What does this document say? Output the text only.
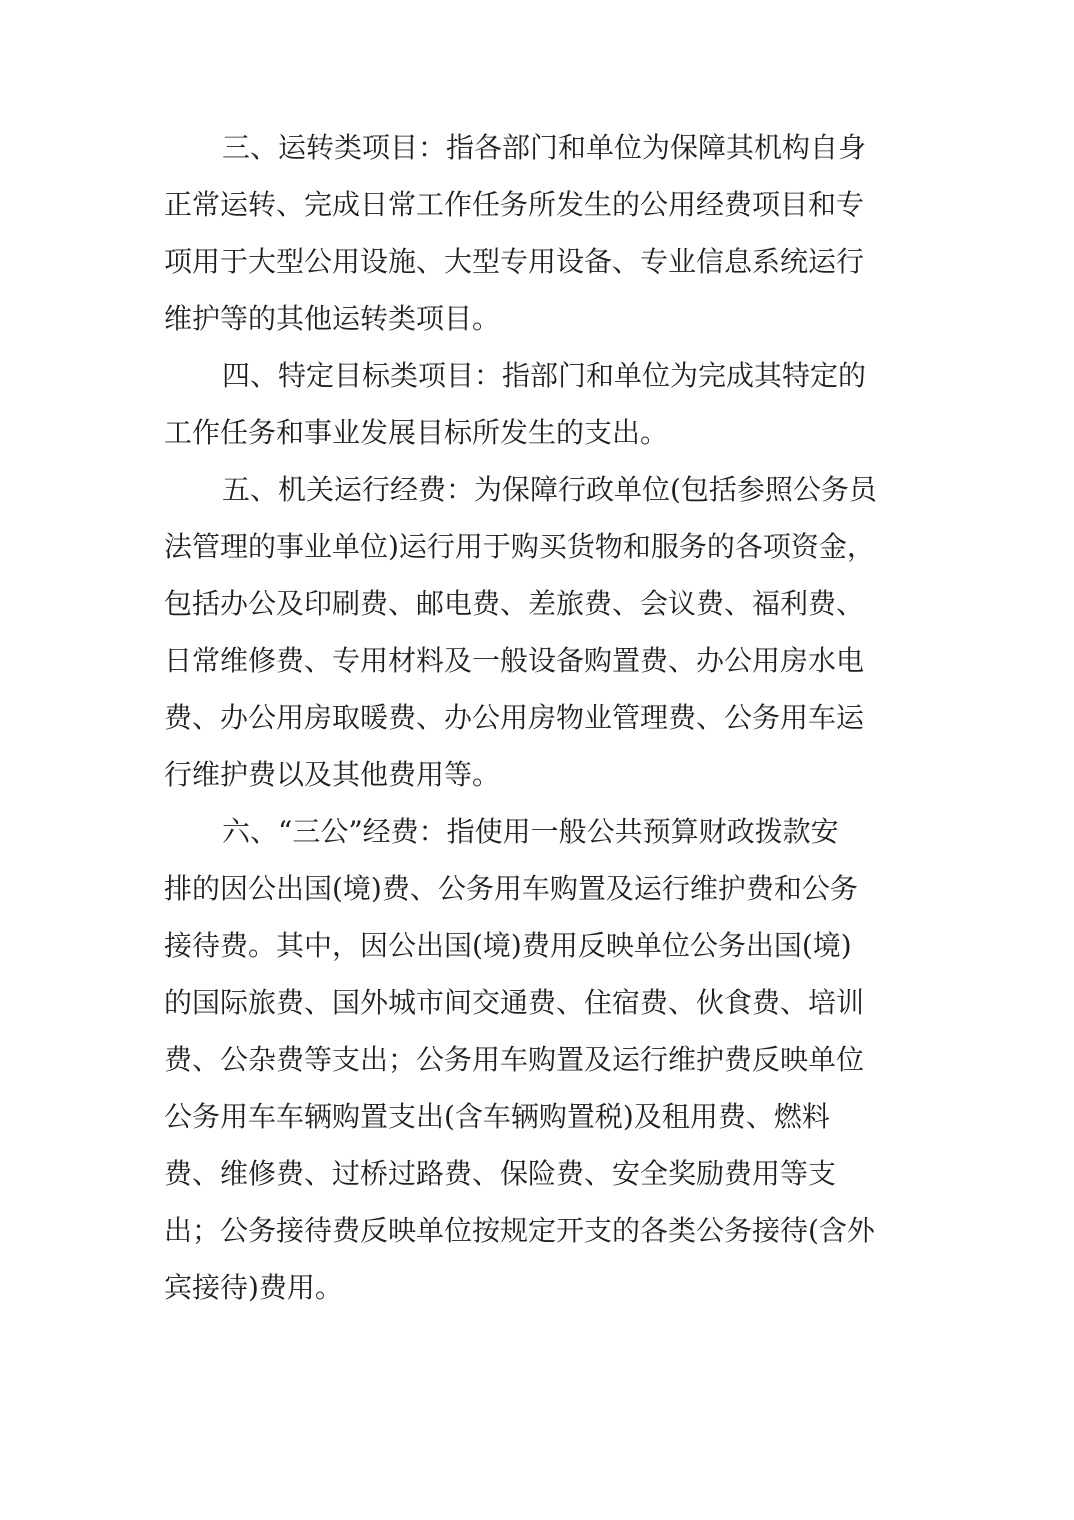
三、运转类项目：指各部门和单位为保障其机构自身
正常运转、完成日常工作任务所发生的公用经费项目和专
项用于大型公用设施、大型专用设备、专业信息系统运行
维护等的其他运转类项目。
四、特定目标类项目：指部门和单位为完成其特定的
工作任务和事业发展目标所发生的支出。
五、机关运行经费：为保障行政单位(包括参照公务员
法管理的事业单位)运行用于购买货物和服务的各项资金，
包括办公及印刷费、邮电费、差旅费、会议费、福利费、
日常维修费、专用材料及一般设备购置费、办公用房水电
费、办公用房取暖费、办公用房物业管理费、公务用车运
行维护费以及其他费用等。
六、“三公”经费：指使用一般公共预算财政拨款安
排的因公出国(境)费、公务用车购置及运行维护费和公务
接待费。其中，因公出国(境)费用反映单位公务出国(境)
的国际旅费、国外城市间交通费、住宿费、伙食费、培训
费、公杂费等支出；公务用车购置及运行维护费反映单位
公务用车车辆购置支出(含车辆购置税)及租用费、燃料
费、维修费、过桥过路费、保险费、安全奖励费用等支
出；公务接待费反映单位按规定开支的各类公务接待(含外
宾接待)费用。
